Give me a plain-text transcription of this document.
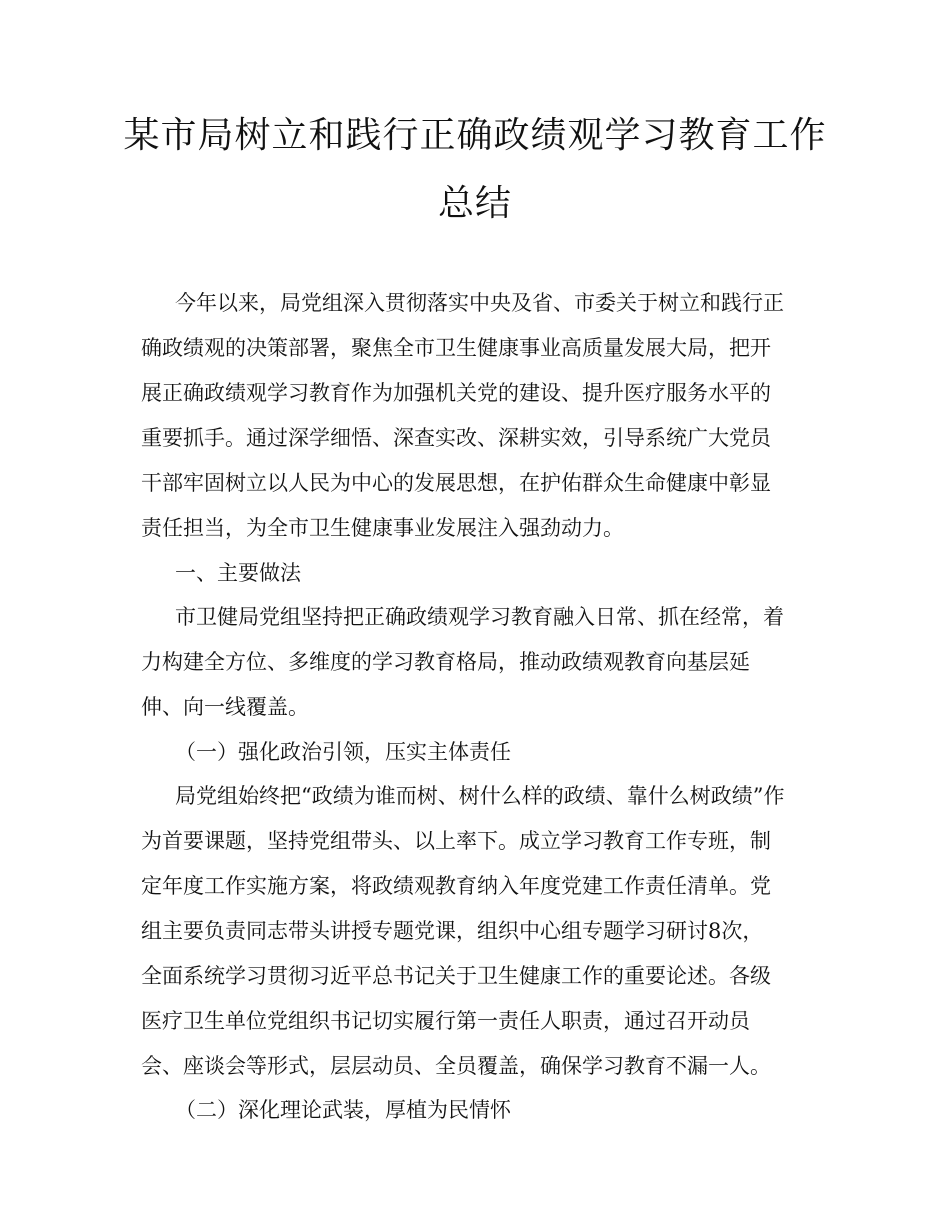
某市局树立和践行正确政绩观学习教育工作
总结
今年以来，局党组深入贯彻落实中央及省、市委关于树立和践行正
确政绩观的决策部署，聚焦全市卫生健康事业高质量发展大局，把开
展正确政绩观学习教育作为加强机关党的建设、提升医疗服务水平的
重要抓手。通过深学细悟、深查实改、深耕实效，引导系统广大党员
干部牢固树立以人民为中心的发展思想，在护佑群众生命健康中彰显
责任担当，为全市卫生健康事业发展注入强劲动力。
一、主要做法
市卫健局党组坚持把正确政绩观学习教育融入日常、抓在经常，着
力构建全方位、多维度的学习教育格局，推动政绩观教育向基层延
伸、向一线覆盖。
（一）强化政治引领，压实主体责任
局党组始终把“政绩为谁而树、树什么样的政绩、靠什么树政绩”作
为首要课题，坚持党组带头、以上率下。成立学习教育工作专班，制
定年度工作实施方案，将政绩观教育纳入年度党建工作责任清单。党
组主要负责同志带头讲授专题党课，组织中心组专题学习研讨8次，
全面系统学习贯彻习近平总书记关于卫生健康工作的重要论述。各级
医疗卫生单位党组织书记切实履行第一责任人职责，通过召开动员
会、座谈会等形式，层层动员、全员覆盖，确保学习教育不漏一人。
（二）深化理论武装，厚植为民情怀
